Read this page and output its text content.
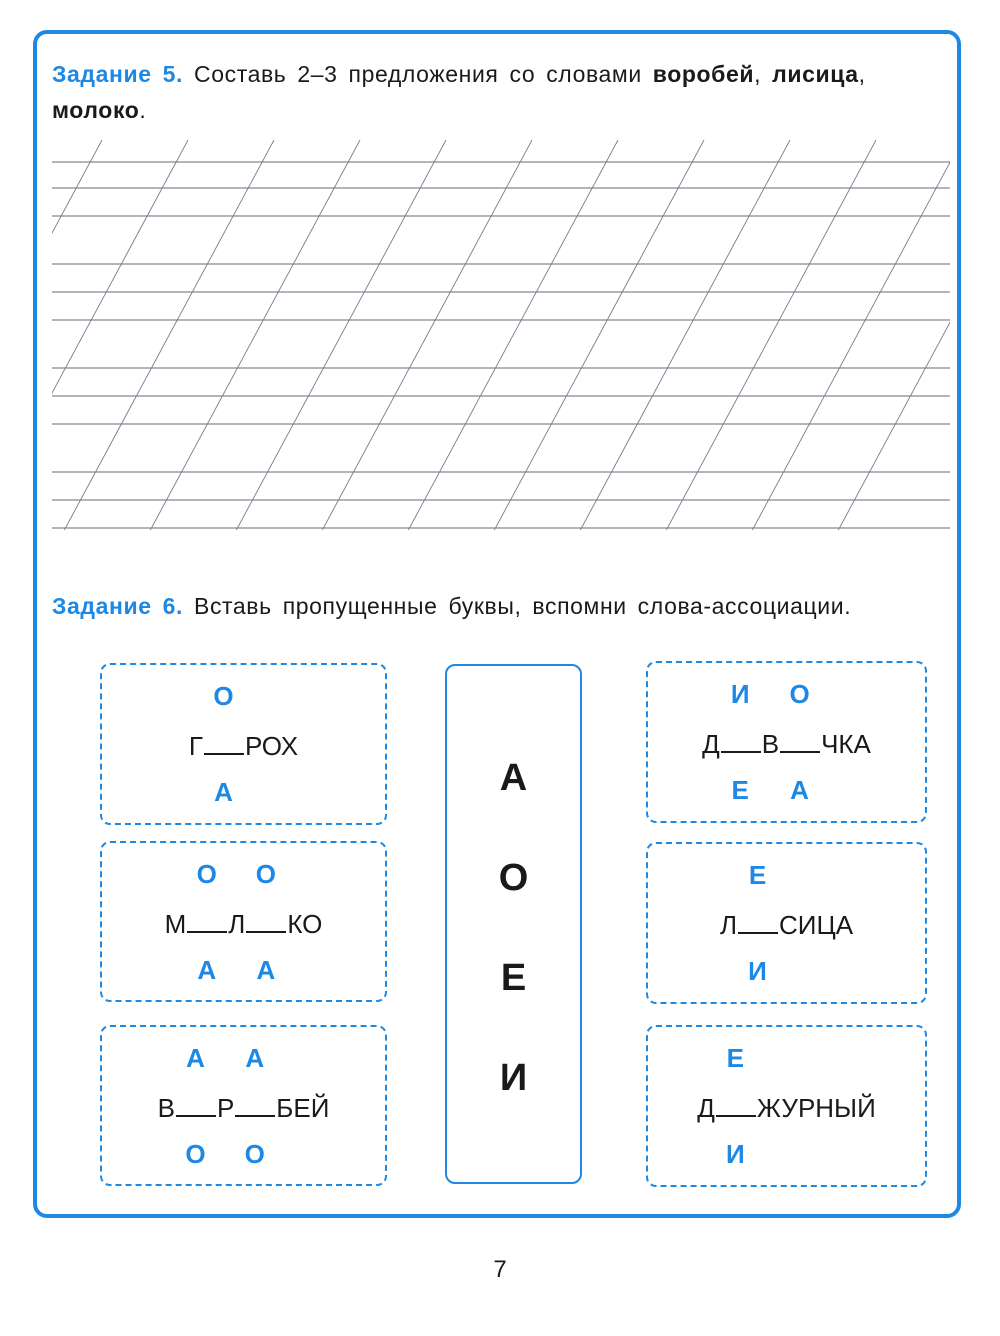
Задание 5. Составь 2–3 предложения со словами воробей, лисица, молоко.

Задание 6. Вставь пропущенные буквы, вспомни слова-ассоциации.

Г РОХ
О
А
М Л КО
О	О
А	А
В Р БЕЙ
А	А
О	О
Д В ЧКА
И	О
Е	А
Л СИЦА
Е
И
Д ЖУРНЫЙ
Е
И
А
О
Е
И
7
